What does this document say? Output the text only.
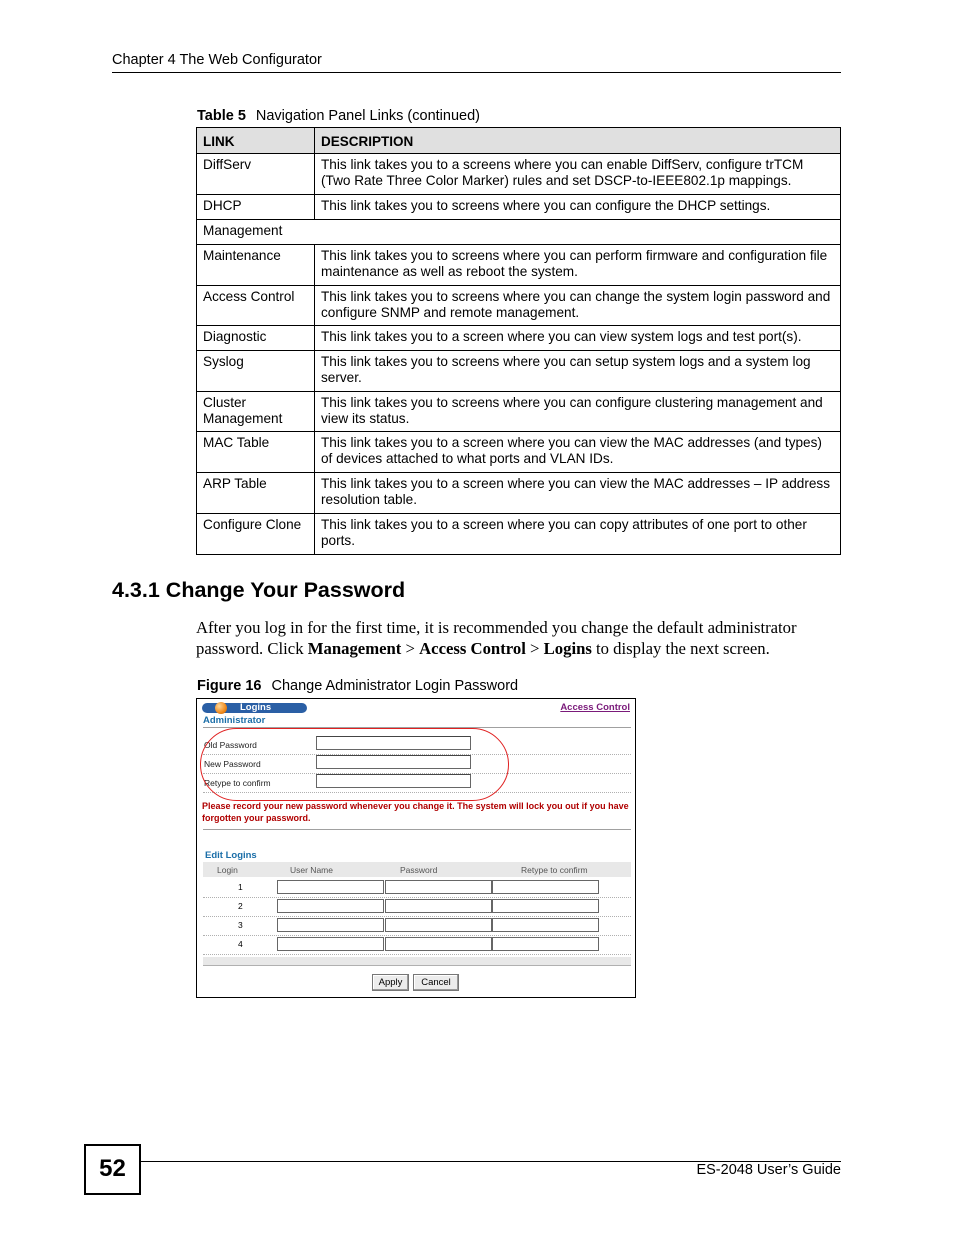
Chapter 4 The Web Configurator
Table 5 Navigation Panel Links (continued)
LINK	DESCRIPTION
DiffServ	This link takes you to a screens where you can enable DiffServ, configure trTCM (Two Rate Three Color Marker) rules and set DSCP-to-IEEE802.1p mappings.
DHCP	This link takes you to screens where you can configure the DHCP settings.
Management	
Maintenance	This link takes you to screens where you can perform firmware and configuration file maintenance as well as reboot the system.
Access Control	This link takes you to screens where you can change the system login password and configure SNMP and remote management.
Diagnostic	This link takes you to a screen where you can view system logs and test port(s).
Syslog	This link takes you to screens where you can setup system logs and a system log server.
Cluster Management	This link takes you to screens where you can configure clustering management and view its status.
MAC Table	This link takes you to a screen where you can view the MAC addresses (and types) of devices attached to what ports and VLAN IDs.
ARP Table	This link takes you to a screen where you can view the MAC addresses – IP address resolution table.
Configure Clone	This link takes you to a screen where you can copy attributes of one port to other ports.
4.3.1 Change Your Password
After you log in for the first time, it is recommended you change the default administrator password. Click Management > Access Control > Logins to display the next screen.
Figure 16 Change Administrator Login Password
Logins	Access Control
Administrator
Old Password
New Password
Retype to confirm
Please record your new password whenever you change it. The system will lock you out if you have forgotten your password.
Edit Logins
Login	User Name	Password	Retype to confirm
1
2
3
4
Apply	Cancel
52	ES-2048 User’s Guide
